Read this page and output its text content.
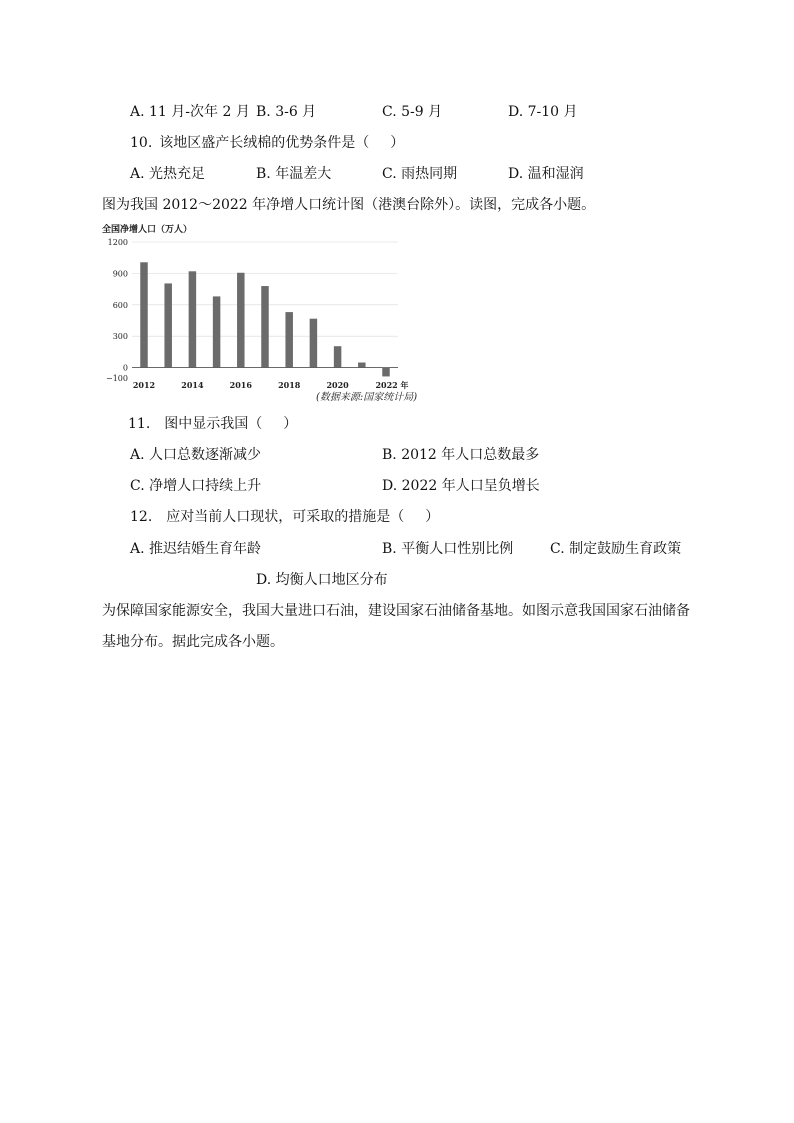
A. 11 月-次年 2 月 B. 3-6 月	C. 5-9 月	D. 7-10 月
10. 该地区盛产长绒棉的优势条件是（  ）
A. 光热充足	B. 年温差大	C. 雨热同期	D. 温和湿润
图为我国 2012～2022 年净增人口统计图（港澳台除外）。读图，完成各小题。
全国净增人口（万人）
1200
900
600
300
0
−100
2012	2014	2016	2018	2020	2022 年
(数据来源:国家统计局)
11. 图中显示我国（  ）
A. 人口总数逐渐减少	B. 2012 年人口总数最多
C. 净增人口持续上升	D. 2022 年人口呈负增长
12. 应对当前人口现状，可采取的措施是（  ）
A. 推迟结婚生育年龄	B. 平衡人口性别比例	C. 制定鼓励生育政策
D. 均衡人口地区分布
为保障国家能源安全，我国大量进口石油，建设国家石油储备基地。如图示意我国国家石油储备
基地分布。据此完成各小题。
